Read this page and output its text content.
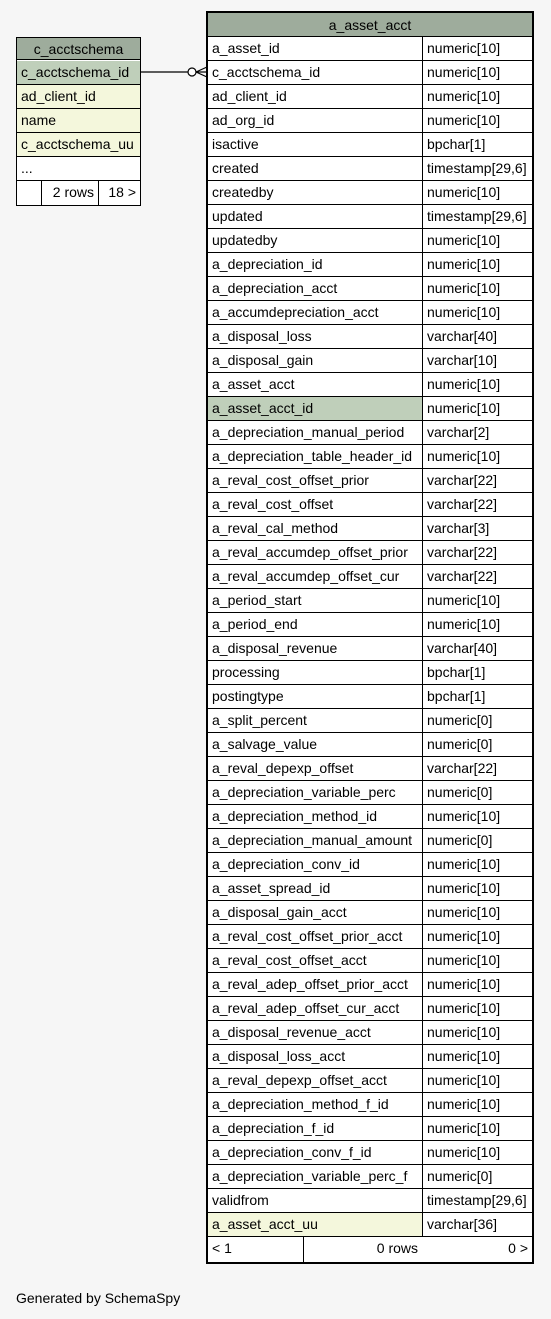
c_acctschema
c_acctschema_id
ad_client_id
name
c_acctschema_uu
...
2 rows	18 >
a_asset_acct
a_asset_id	numeric[10]
c_acctschema_id	numeric[10]
ad_client_id	numeric[10]
ad_org_id	numeric[10]
isactive	bpchar[1]
created	timestamp[29,6]
createdby	numeric[10]
updated	timestamp[29,6]
updatedby	numeric[10]
a_depreciation_id	numeric[10]
a_depreciation_acct	numeric[10]
a_accumdepreciation_acct	numeric[10]
a_disposal_loss	varchar[40]
a_disposal_gain	varchar[10]
a_asset_acct	numeric[10]
a_asset_acct_id	numeric[10]
a_depreciation_manual_period	varchar[2]
a_depreciation_table_header_id	numeric[10]
a_reval_cost_offset_prior	varchar[22]
a_reval_cost_offset	varchar[22]
a_reval_cal_method	varchar[3]
a_reval_accumdep_offset_prior	varchar[22]
a_reval_accumdep_offset_cur	varchar[22]
a_period_start	numeric[10]
a_period_end	numeric[10]
a_disposal_revenue	varchar[40]
processing	bpchar[1]
postingtype	bpchar[1]
a_split_percent	numeric[0]
a_salvage_value	numeric[0]
a_reval_depexp_offset	varchar[22]
a_depreciation_variable_perc	numeric[0]
a_depreciation_method_id	numeric[10]
a_depreciation_manual_amount	numeric[0]
a_depreciation_conv_id	numeric[10]
a_asset_spread_id	numeric[10]
a_disposal_gain_acct	numeric[10]
a_reval_cost_offset_prior_acct	numeric[10]
a_reval_cost_offset_acct	numeric[10]
a_reval_adep_offset_prior_acct	numeric[10]
a_reval_adep_offset_cur_acct	numeric[10]
a_disposal_revenue_acct	numeric[10]
a_disposal_loss_acct	numeric[10]
a_reval_depexp_offset_acct	numeric[10]
a_depreciation_method_f_id	numeric[10]
a_depreciation_f_id	numeric[10]
a_depreciation_conv_f_id	numeric[10]
a_depreciation_variable_perc_f	numeric[0]
validfrom	timestamp[29,6]
a_asset_acct_uu	varchar[36]
< 1	0 rows	0 >
Generated by SchemaSpy
